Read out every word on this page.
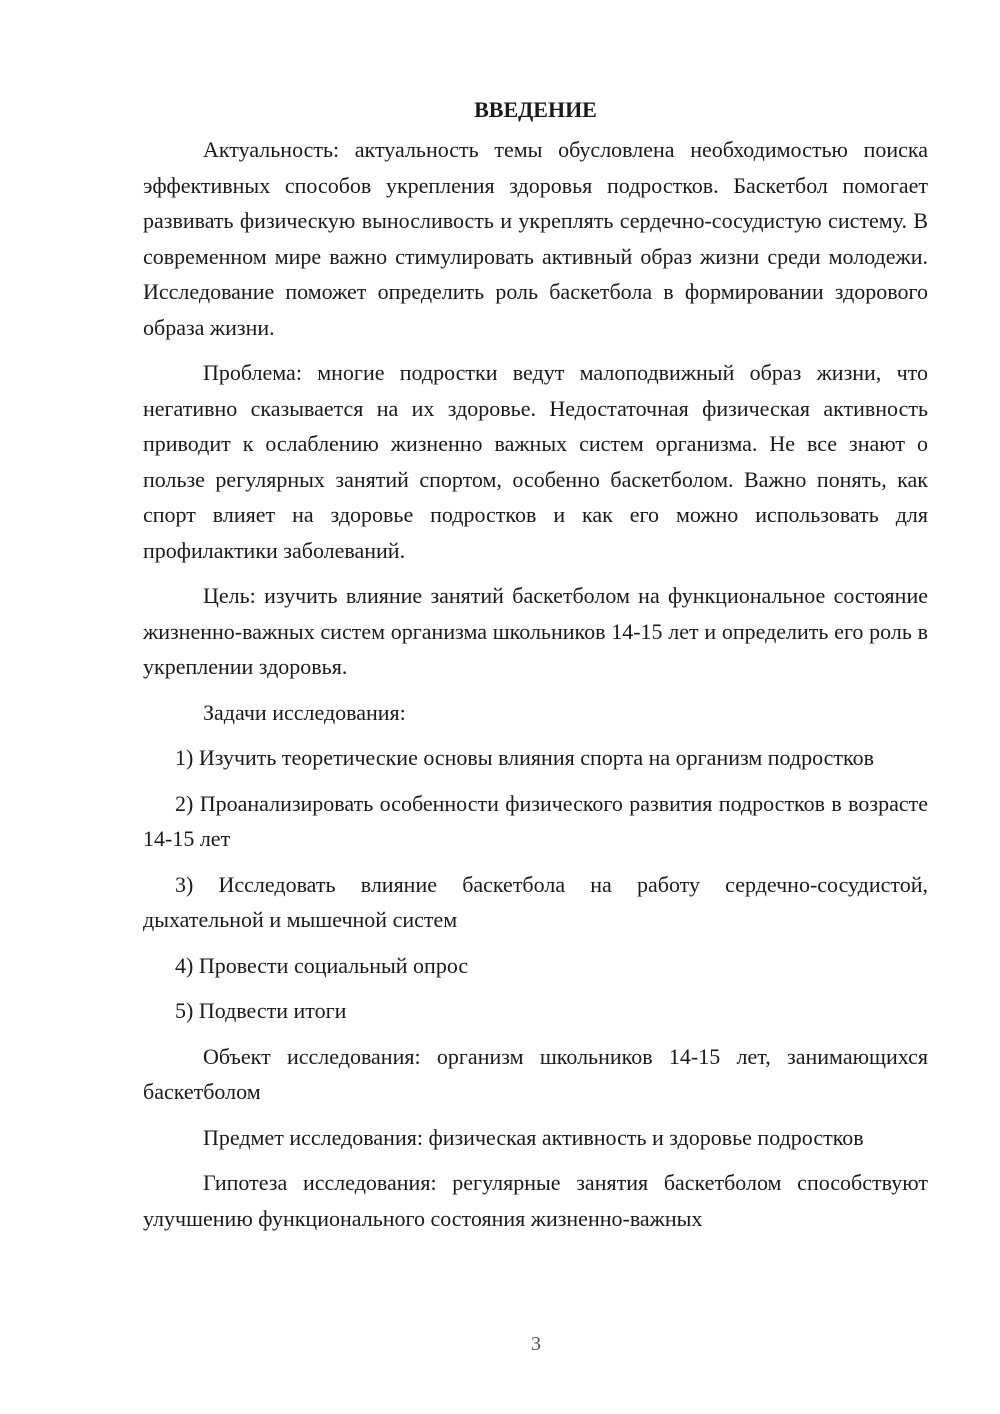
ВВЕДЕНИЕ

Актуальность: актуальность темы обусловлена необходимостью поиска эффективных способов укрепления здоровья подростков. Баскетбол помогает развивать физическую выносливость и укреплять сердечно-сосудистую систему. В современном мире важно стимулировать активный образ жизни среди молодежи. Исследование поможет определить роль баскетбола в формировании здорового образа жизни.

Проблема: многие подростки ведут малоподвижный образ жизни, что негативно сказывается на их здоровье. Недостаточная физическая активность приводит к ослаблению жизненно важных систем организма. Не все знают о пользе регулярных занятий спортом, особенно баскетболом. Важно понять, как спорт влияет на здоровье подростков и как его можно использовать для профилактики заболеваний.

Цель: изучить влияние занятий баскетболом на функциональное состояние жизненно-важных систем организма школьников 14-15 лет и определить его роль в укреплении здоровья.

Задачи исследования:

1) Изучить теоретические основы влияния спорта на организм подростков

2) Проанализировать особенности физического развития подростков в возрасте 14-15 лет

3) Исследовать влияние баскетбола на работу сердечно-сосудистой, дыхательной и мышечной систем

4) Провести социальный опрос

5) Подвести итоги

Объект исследования: организм школьников 14-15 лет, занимающихся баскетболом

Предмет исследования: физическая активность и здоровье подростков

Гипотеза исследования: регулярные занятия баскетболом способствуют улучшению функционального состояния жизненно-важных

3
